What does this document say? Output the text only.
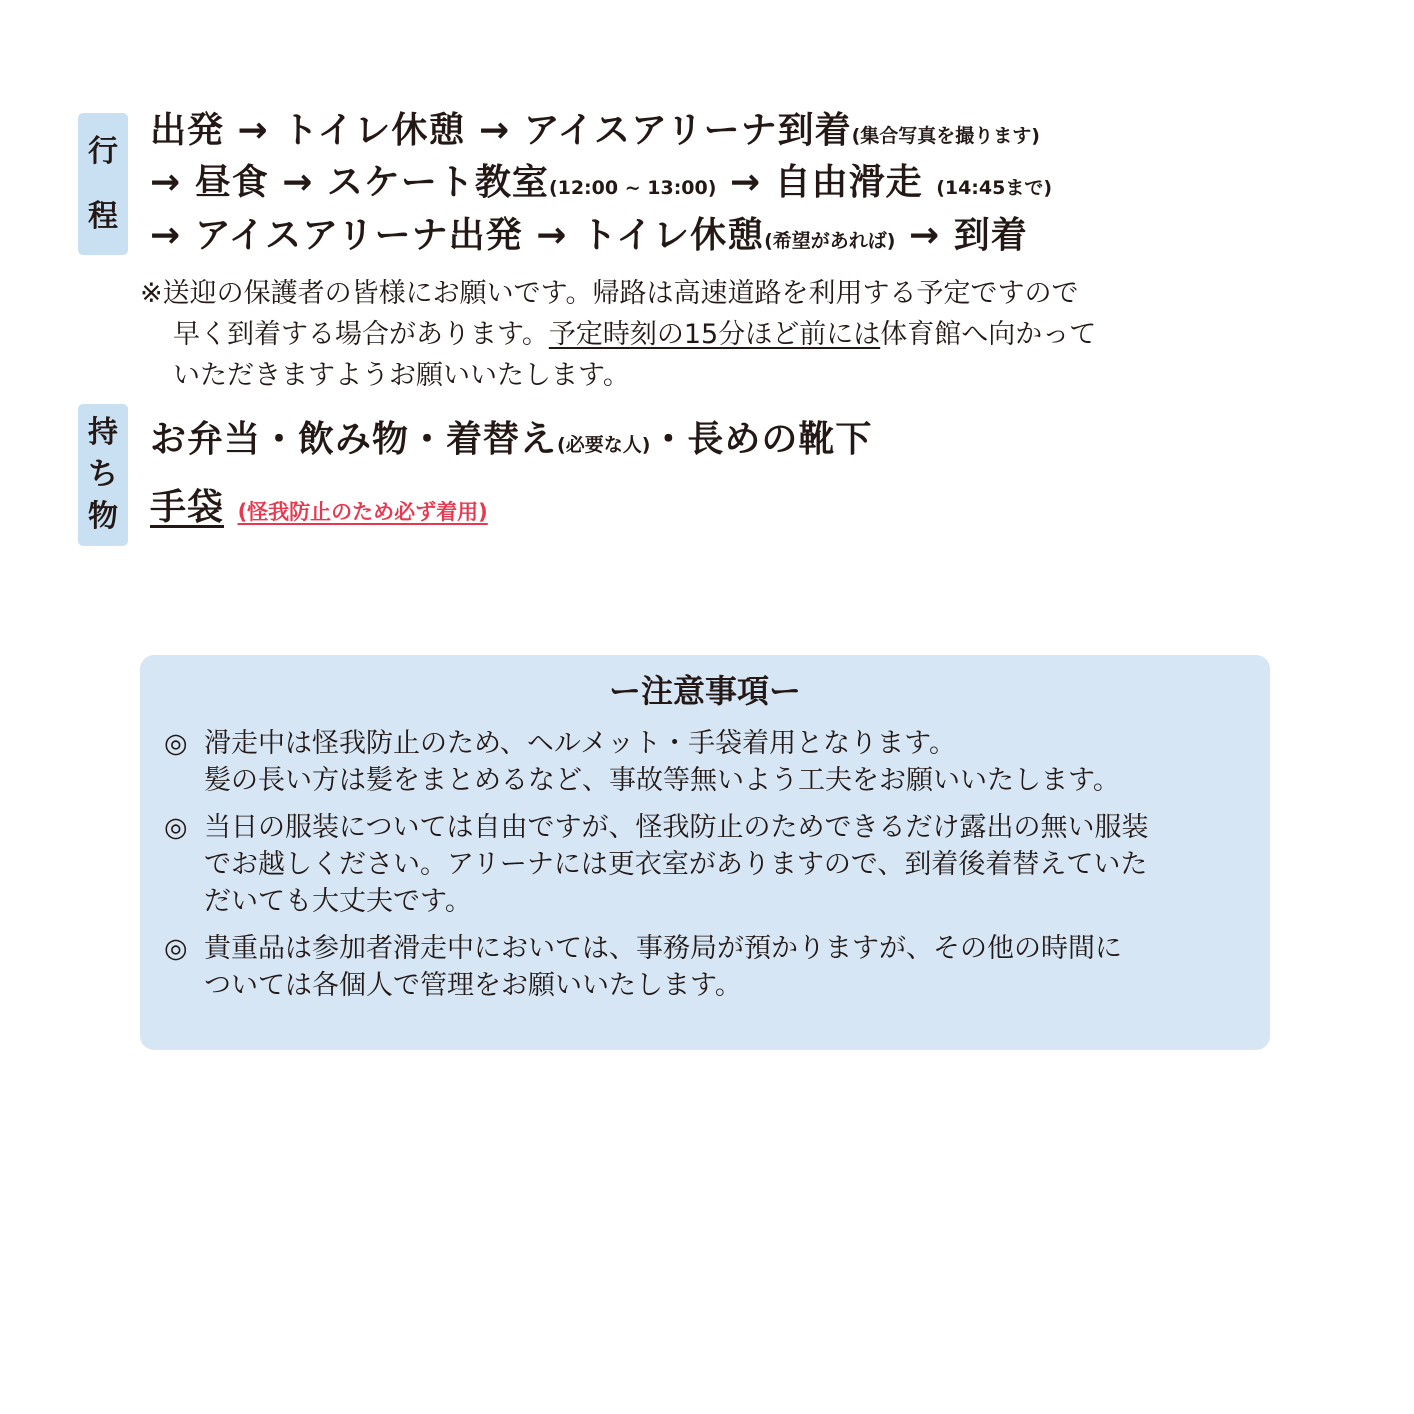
行
程
出発 → トイレ休憩 → アイスアリーナ到着(集合写真を撮ります)
→ 昼食 → スケート教室(12:00 ~ 13:00) → 自由滑走 (14:45まで)
→ アイスアリーナ出発 → トイレ休憩(希望があれば) → 到着
※送迎の保護者の皆様にお願いです。帰路は高速道路を利用する予定ですので
早く到着する場合があります。予定時刻の15分ほど前には体育館へ向かって
いただきますようお願いいたします。
持
ち
物
お弁当・飲み物・着替え(必要な人)・長めの靴下
手袋 (怪我防止のため必ず着用)
ー注意事項ー
◎ 滑走中は怪我防止のため、ヘルメット・手袋着用となります。
髪の長い方は髪をまとめるなど、事故等無いよう工夫をお願いいたします。
◎ 当日の服装については自由ですが、怪我防止のためできるだけ露出の無い服装
でお越しください。アリーナには更衣室がありますので、到着後着替えていた
だいても大丈夫です。
◎ 貴重品は参加者滑走中においては、事務局が預かりますが、その他の時間に
ついては各個人で管理をお願いいたします。
